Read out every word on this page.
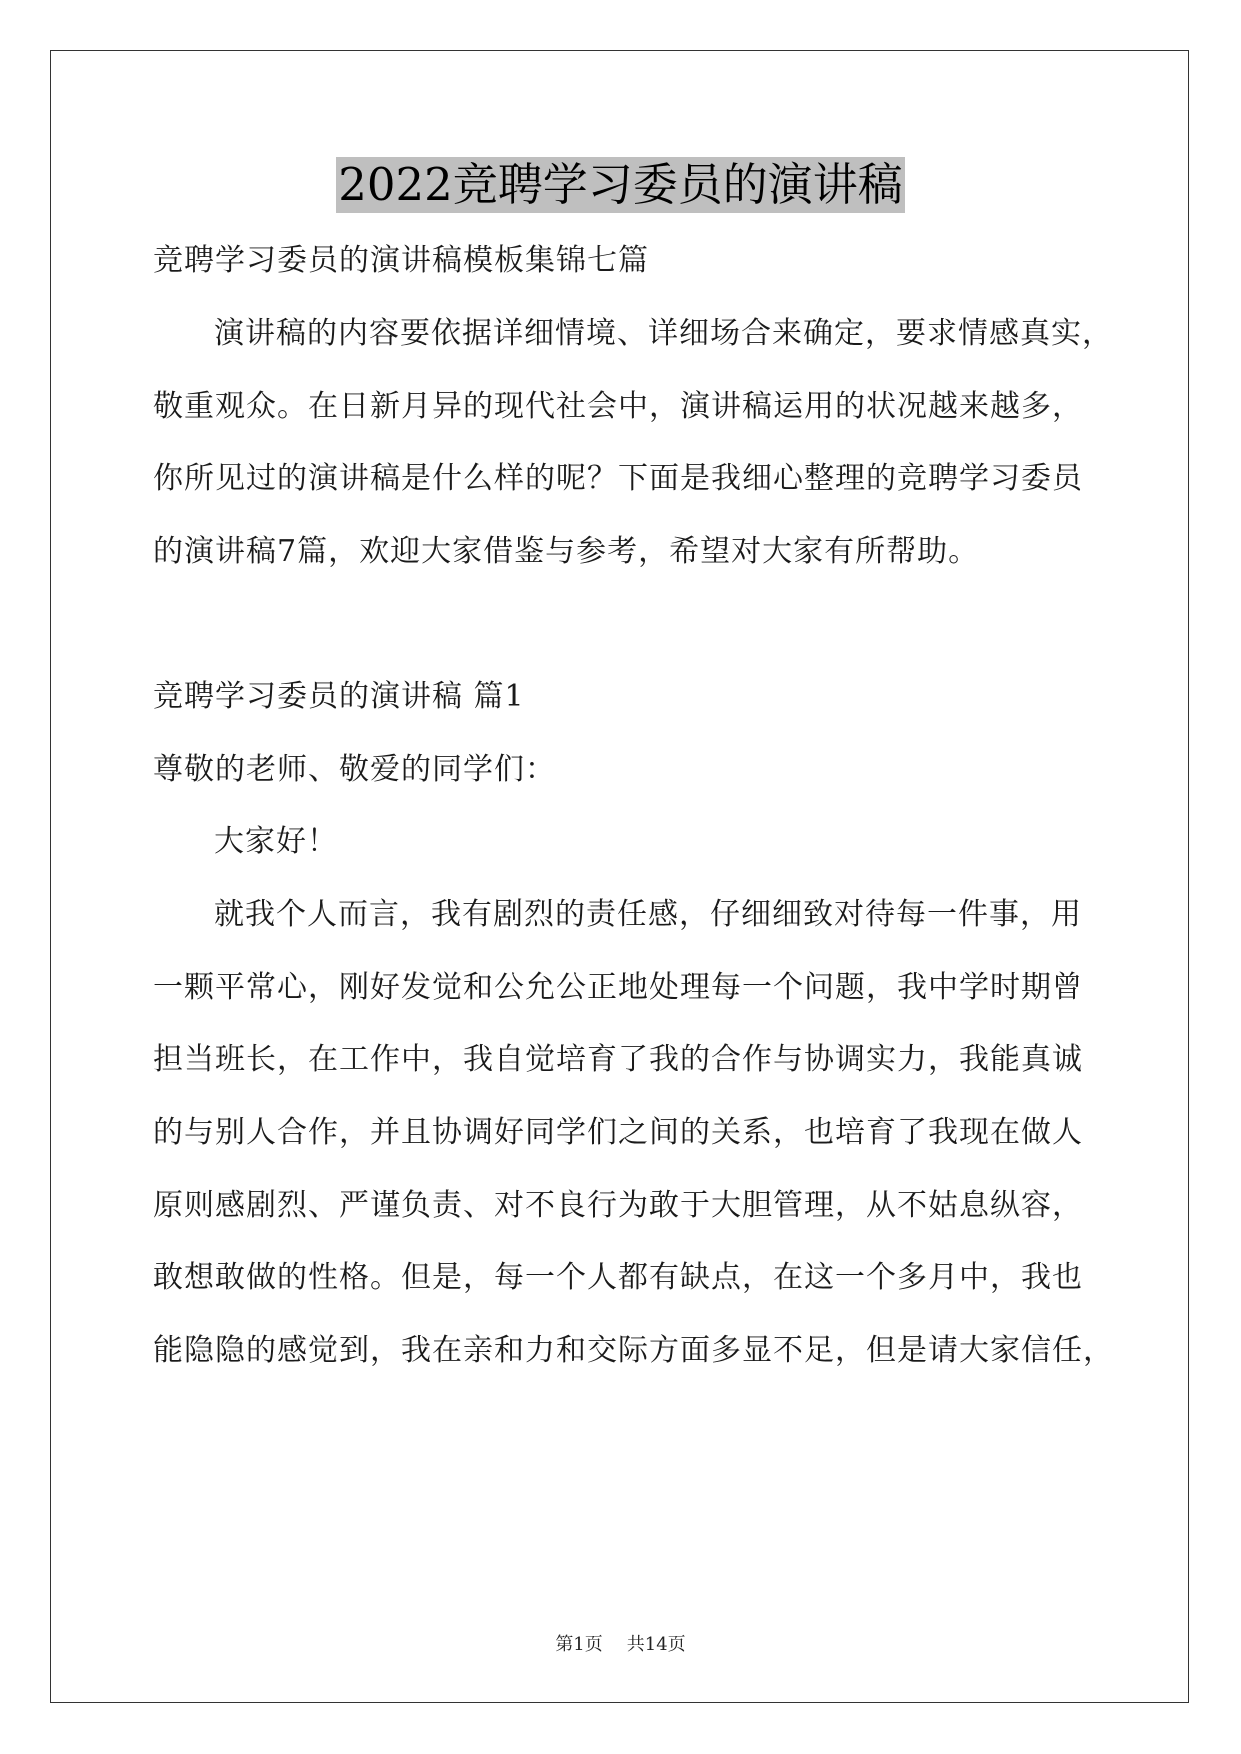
2022竞聘学习委员的演讲稿
竞聘学习委员的演讲稿模板集锦七篇
演讲稿的内容要依据详细情境、详细场合来确定，要求情感真实，
敬重观众。在日新月异的现代社会中，演讲稿运用的状况越来越多，
你所见过的演讲稿是什么样的呢？下面是我细心整理的竞聘学习委员
的演讲稿7篇，欢迎大家借鉴与参考，希望对大家有所帮助。
竞聘学习委员的演讲稿 篇1
尊敬的老师、敬爱的同学们：
大家好！
就我个人而言，我有剧烈的责任感，仔细细致对待每一件事，用
一颗平常心，刚好发觉和公允公正地处理每一个问题，我中学时期曾
担当班长，在工作中，我自觉培育了我的合作与协调实力，我能真诚
的与别人合作，并且协调好同学们之间的关系，也培育了我现在做人
原则感剧烈、严谨负责、对不良行为敢于大胆管理，从不姑息纵容，
敢想敢做的性格。但是，每一个人都有缺点，在这一个多月中，我也
能隐隐的感觉到，我在亲和力和交际方面多显不足，但是请大家信任，
第1页 共14页
